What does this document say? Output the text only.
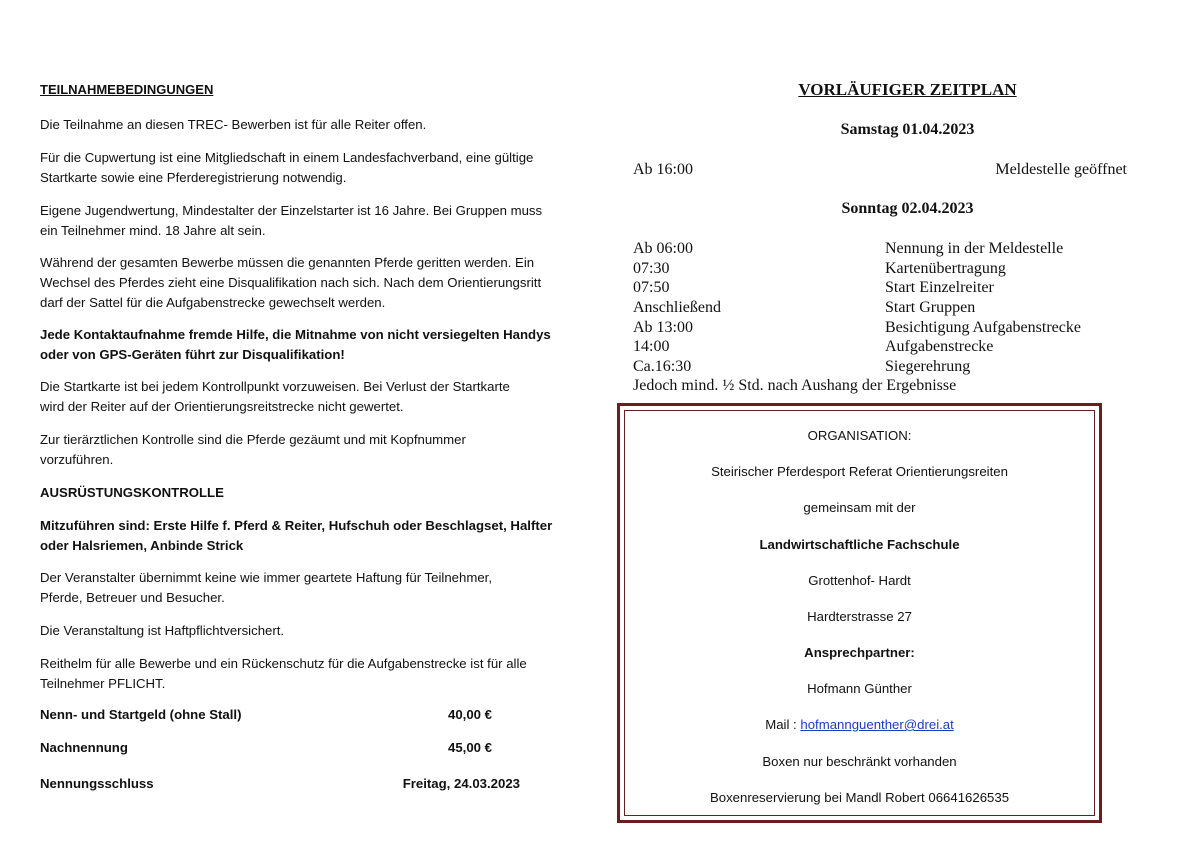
TEILNAHMEBEDINGUNGEN
Die Teilnahme an diesen TREC- Bewerben ist für alle Reiter offen.
Für die Cupwertung ist eine Mitgliedschaft in einem Landesfachverband, eine gültige
Startkarte sowie eine Pferderegistrierung notwendig.
Eigene Jugendwertung, Mindestalter der Einzelstarter ist 16 Jahre. Bei Gruppen muss
ein Teilnehmer mind. 18 Jahre alt sein.
Während der gesamten Bewerbe müssen die genannten Pferde geritten werden. Ein
Wechsel des Pferdes zieht eine Disqualifikation nach sich. Nach dem Orientierungsritt
darf der Sattel für die Aufgabenstrecke gewechselt werden.
Jede Kontaktaufnahme fremde Hilfe, die Mitnahme von nicht versiegelten Handys
oder von GPS-Geräten führt zur Disqualifikation!
Die Startkarte ist bei jedem Kontrollpunkt vorzuweisen. Bei Verlust der Startkarte
wird der Reiter auf der Orientierungsreitstrecke nicht gewertet.
Zur tierärztlichen Kontrolle sind die Pferde gezäumt und mit Kopfnummer
vorzuführen.
AUSRÜSTUNGSKONTROLLE
Mitzuführen sind: Erste Hilfe f. Pferd & Reiter, Hufschuh oder Beschlagset, Halfter
oder Halsriemen, Anbinde Strick
Der Veranstalter übernimmt keine wie immer geartete Haftung für Teilnehmer,
Pferde, Betreuer und Besucher.
Die Veranstaltung ist Haftpflichtversichert.
Reithelm für alle Bewerbe und ein Rückenschutz für die Aufgabenstrecke ist für alle
Teilnehmer PFLICHT.
Nenn- und Startgeld (ohne Stall)	40,00 €
Nachnennung	45,00 €
Nennungsschluss	Freitag, 24.03.2023
VORLÄUFIGER ZEITPLAN
Samstag 01.04.2023
Ab 16:00	Meldestelle geöffnet
Sonntag 02.04.2023
Ab 06:00	Nennung in der Meldestelle
07:30	Kartenübertragung
07:50	Start Einzelreiter
Anschließend	Start Gruppen
Ab 13:00	Besichtigung Aufgabenstrecke
14:00	Aufgabenstrecke
Ca.16:30	Siegerehrung
Jedoch mind. ½ Std. nach Aushang der Ergebnisse
ORGANISATION:
Steirischer Pferdesport Referat Orientierungsreiten
gemeinsam mit der
Landwirtschaftliche Fachschule
Grottenhof- Hardt
Hardterstrasse 27
Ansprechpartner:
Hofmann Günther
Mail : hofmannguenther@drei.at
Boxen nur beschränkt vorhanden
Boxenreservierung bei Mandl Robert 06641626535
